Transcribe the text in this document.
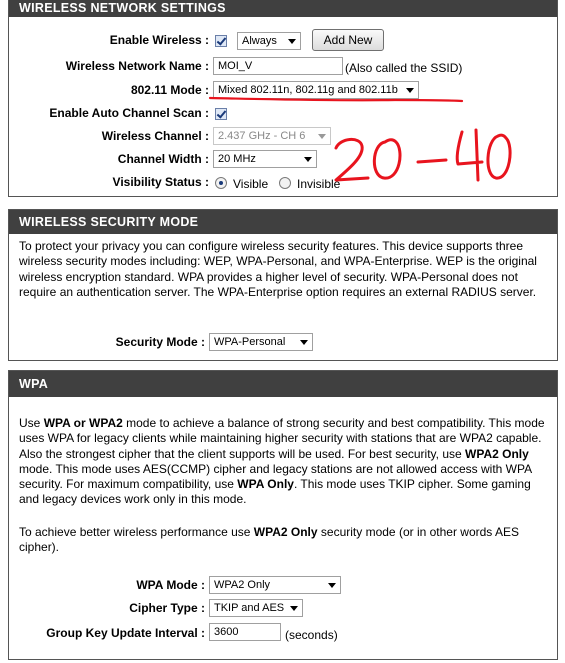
WIRELESS NETWORK SETTINGS
Enable Wireless :	Always	Add New
Wireless Network Name : MOI_V	(Also called the SSID)
802.11 Mode : Mixed 802.11n, 802.11g and 802.11b
Enable Auto Channel Scan :
Wireless Channel : 2.437 GHz - CH 6
Channel Width : 20 MHz
Visibility Status : Visible Invisible
WIRELESS SECURITY MODE
To protect your privacy you can configure wireless security features. This device supports three wireless security modes including: WEP, WPA-Personal, and WPA-Enterprise. WEP is the original wireless encryption standard. WPA provides a higher level of security. WPA-Personal does not require an authentication server. The WPA-Enterprise option requires an external RADIUS server.
Security Mode : WPA-Personal
WPA
Use WPA or WPA2 mode to achieve a balance of strong security and best compatibility. This mode uses WPA for legacy clients while maintaining higher security with stations that are WPA2 capable. Also the strongest cipher that the client supports will be used. For best security, use WPA2 Only mode. This mode uses AES(CCMP) cipher and legacy stations are not allowed access with WPA security. For maximum compatibility, use WPA Only. This mode uses TKIP cipher. Some gaming and legacy devices work only in this mode.
To achieve better wireless performance use WPA2 Only security mode (or in other words AES cipher).
WPA Mode : WPA2 Only
Cipher Type : TKIP and AES
Group Key Update Interval : 3600	(seconds)
